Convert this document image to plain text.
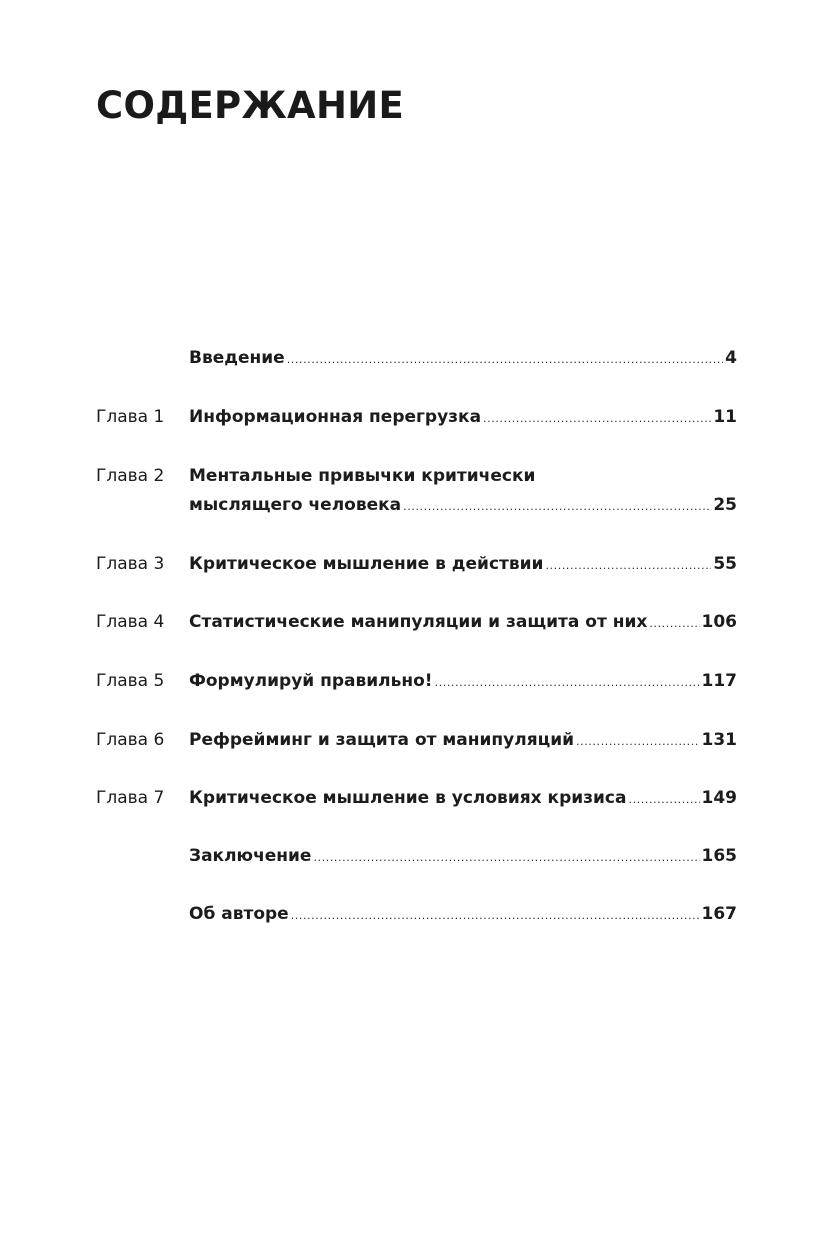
СОДЕРЖАНИЕ
Введение .....	4
Глава 1 Информационная перегрузка .....	11
Глава 2 Ментальные привычки критически
мыслящего человека .....	25
Глава 3 Критическое мышление в действии .....	55
Глава 4 Статистические манипуляции и защита от них .....	106
Глава 5 Формулируй правильно! .....	117
Глава 6 Рефрейминг и защита от манипуляций .....	131
Глава 7 Критическое мышление в условиях кризиса .....	149
Заключение .....	165
Об авторе .....	167
